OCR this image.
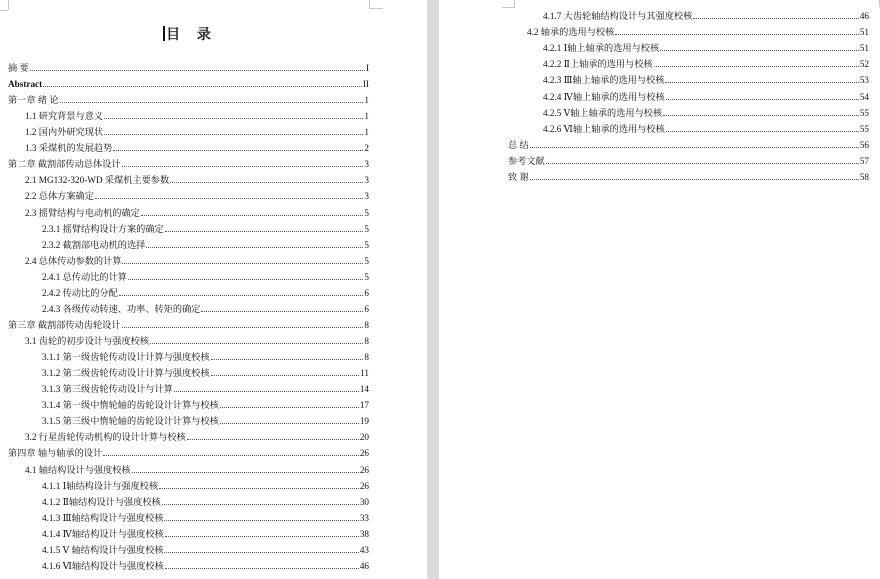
目 录
摘 要	I
Abstract	II
第一章 绪 论	1
1.1 研究背景与意义	1
1.2 国内外研究现状	1
1.3 采煤机的发展趋势	2
第二章 截割部传动总体设计	3
2.1 MG132-320-WD 采煤机主要参数	3
2.2 总体方案确定	3
2.3 摇臂结构与电动机的确定	5
2.3.1 摇臂结构设计方案的确定	5
2.3.2 截割部电动机的选择	5
2.4 总体传动参数的计算	5
2.4.1 总传动比的计算	5
2.4.2 传动比的分配	6
2.4.3 各级传动转速、功率、转矩的确定	6
第三章 截割部传动齿轮设计	8
3.1 齿轮的初步设计与强度校核	8
3.1.1 第一级齿轮传动设计计算与强度校核	8
3.1.2 第二级齿轮传动设计计算与强度校核	11
3.1.3 第三级齿轮传动设计与计算	14
3.1.4 第一级中惰轮轴的齿轮设计计算与校核	17
3.1.5 第三级中惰轮轴的齿轮设计计算与校核	19
3.2 行星齿轮传动机构的设计计算与校核	20
第四章 轴与轴承的设计	26
4.1 轴结构设计与强度校核	26
4.1.1 Ⅰ轴结构设计与强度校核	26
4.1.2 Ⅱ轴结构设计与强度校核	30
4.1.3 Ⅲ轴结构设计与强度校核	33
4.1.4 Ⅳ轴结构设计与强度校核	38
4.1.5 Ⅴ 轴结构设计与强度校核	43
4.1.6 Ⅵ轴结构设计与强度校核	46
4.1.7 大齿轮轴结构设计与其强度校核	46
4.2 轴承的选用与校核	51
4.2.1 Ⅰ轴上轴承的选用与校核	51
4.2.2 Ⅱ上轴承的选用与校核	52
4.2.3 Ⅲ轴上轴承的选用与校核	53
4.2.4 Ⅳ轴上轴承的选用与校核	54
4.2.5 Ⅴ轴上轴承的选用与校核	55
4.2.6 Ⅵ轴上轴承的选用与校核	55
总 结	56
参考文献	57
致 谢	58
